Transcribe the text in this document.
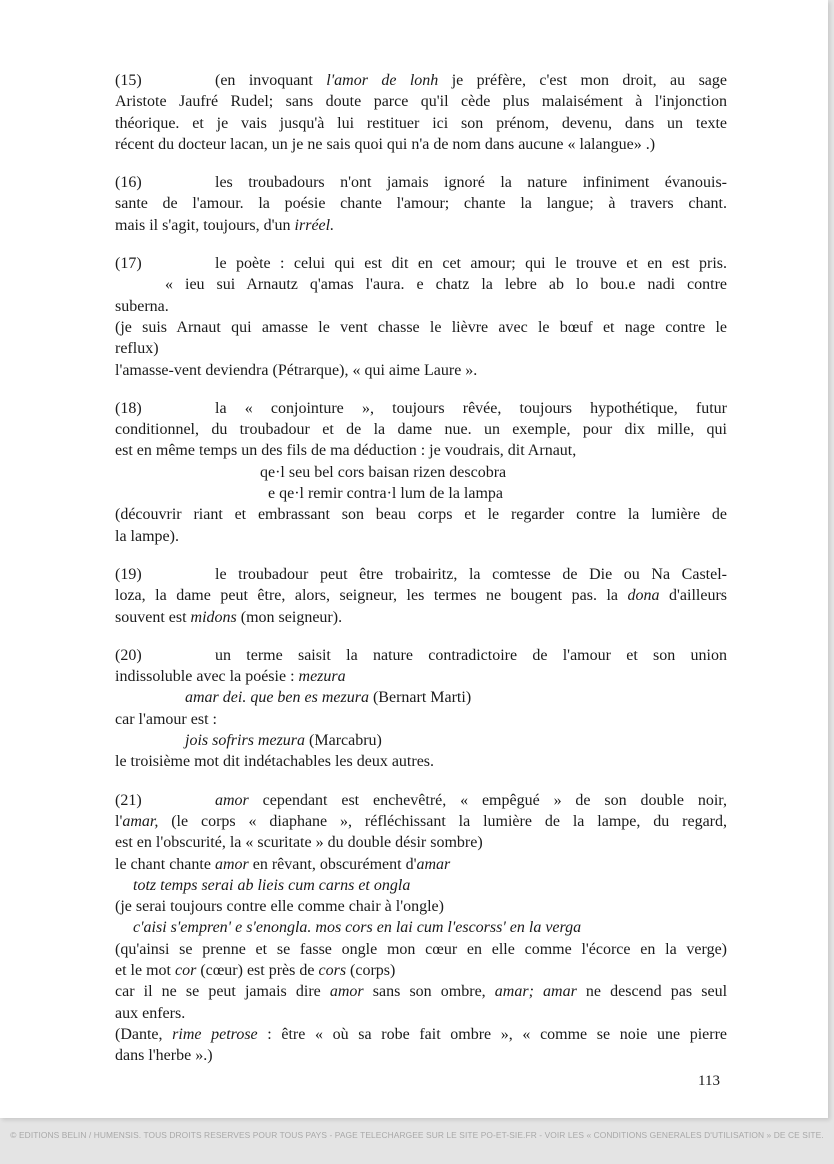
(15)	(en invoquant l'amor de lonh je préfère, c'est mon droit, au sage
Aristote Jaufré Rudel; sans doute parce qu'il cède plus malaisément à l'injonction
théorique. et je vais jusqu'à lui restituer ici son prénom, devenu, dans un texte
récent du docteur lacan, un je ne sais quoi qui n'a de nom dans aucune « lalangue» .)
(16)	les troubadours n'ont jamais ignoré la nature infiniment évanouis-
sante de l'amour. la poésie chante l'amour; chante la langue; à travers chant.
mais il s'agit, toujours, d'un irréel.
(17)	le poète : celui qui est dit en cet amour; qui le trouve et en est pris.
« ieu sui Arnautz q'amas l'aura. e chatz la lebre ab lo bou.e nadi contre
suberna.
(je suis Arnaut qui amasse le vent chasse le lièvre avec le bœuf et nage contre le
reflux)
l'amasse-vent deviendra (Pétrarque), « qui aime Laure ».
(18)	la « conjointure », toujours rêvée, toujours hypothétique, futur
conditionnel, du troubadour et de la dame nue. un exemple, pour dix mille, qui
est en même temps un des fils de ma déduction : je voudrais, dit Arnaut,
qe·l seu bel cors baisan rizen descobra
e qe·l remir contra·l lum de la lampa
(découvrir riant et embrassant son beau corps et le regarder contre la lumière de
la lampe).
(19)	le troubadour peut être trobairitz, la comtesse de Die ou Na Castel-
loza, la dame peut être, alors, seigneur, les termes ne bougent pas. la dona d'ailleurs
souvent est midons (mon seigneur).
(20)	un terme saisit la nature contradictoire de l'amour et son union
indissoluble avec la poésie : mezura
amar dei. que ben es mezura (Bernart Marti)
car l'amour est :
jois sofrirs mezura (Marcabru)
le troisième mot dit indétachables les deux autres.
(21)	amor cependant est enchevêtré, « empêgué » de son double noir,
l'amar, (le corps « diaphane », réfléchissant la lumière de la lampe, du regard,
est en l'obscurité, la « scuritate » du double désir sombre)
le chant chante amor en rêvant, obscurément d'amar
totz temps serai ab lieis cum carns et ongla
(je serai toujours contre elle comme chair à l'ongle)
c'aisi s'empren' e s'enongla. mos cors en lai cum l'escorss' en la verga
(qu'ainsi se prenne et se fasse ongle mon cœur en elle comme l'écorce en la verge)
et le mot cor (cœur) est près de cors (corps)
car il ne se peut jamais dire amor sans son ombre, amar; amar ne descend pas seul
aux enfers.
(Dante, rime petrose : être « où sa robe fait ombre », « comme se noie une pierre
dans l'herbe ».)
113
© EDITIONS BELIN / HUMENSIS. TOUS DROITS RESERVES POUR TOUS PAYS - PAGE TELECHARGEE SUR LE SITE PO-ET-SIE.FR - VOIR LES « CONDITIONS GENERALES D'UTILISATION » DE CE SITE.
